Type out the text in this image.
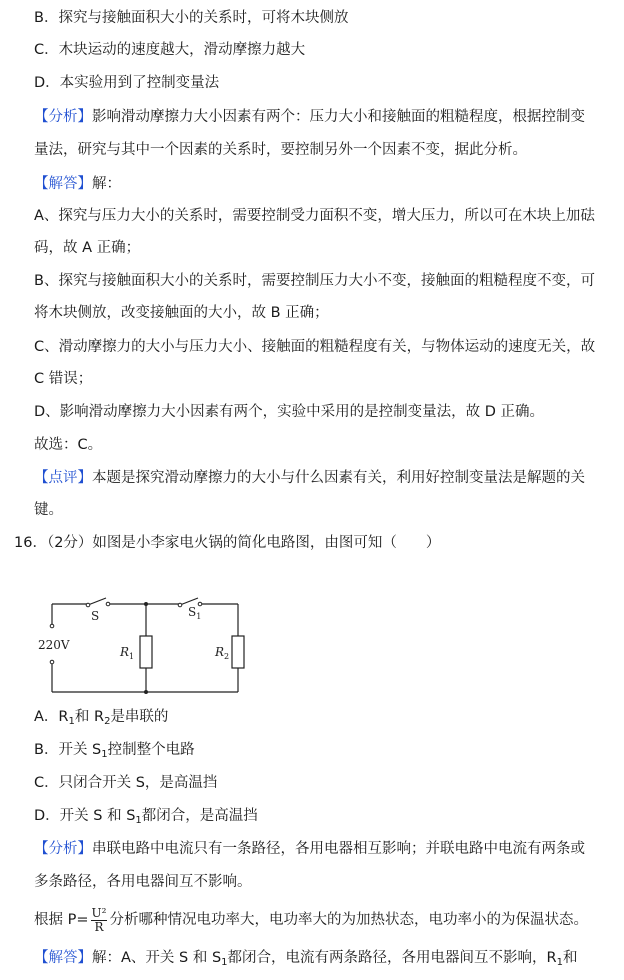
B．探究与接触面积大小的关系时，可将木块侧放
C．木块运动的速度越大，滑动摩擦力越大
D．本实验用到了控制变量法
【分析】影响滑动摩擦力大小因素有两个：压力大小和接触面的粗糙程度，根据控制变
量法，研究与其中一个因素的关系时，要控制另外一个因素不变，据此分析。
【解答】解：
A、探究与压力大小的关系时，需要控制受力面积不变，增大压力，所以可在木块上加砝
码，故 A 正确；
B、探究与接触面积大小的关系时，需要控制压力大小不变，接触面的粗糙程度不变，可
将木块侧放，改变接触面的大小，故 B 正确；
C、滑动摩擦力的大小与压力大小、接触面的粗糙程度有关，与物体运动的速度无关，故
C 错误；
D、影响滑动摩擦力大小因素有两个，实验中采用的是控制变量法，故 D 正确。
故选：C。
【点评】本题是探究滑动摩擦力的大小与什么因素有关，利用好控制变量法是解题的关
键。
16．（2分）如图是小李家电火锅的简化电路图，由图可知（　　）
220V
S	$S_1$
$R_1$	$R_2$
A．$R_1$和 $R_2$是串联的
B．开关 $S_1$控制整个电路
C．只闭合开关 S，是高温挡
D．开关 S 和 $S_1$都闭合，是高温挡
【分析】串联电路中电流只有一条路径，各用电器相互影响；并联电路中电流有两条或
多条路径，各用电器间互不影响。
根据 $P= \frac{\text{U²}}{R}$ 分析哪种情况电功率大，电功率大的为加热状态，电功率小的为保温状态。
【解答】解：A、开关 S 和 $S_1$都闭合，电流有两条路径，各用电器间互不影响，$R_1$和
